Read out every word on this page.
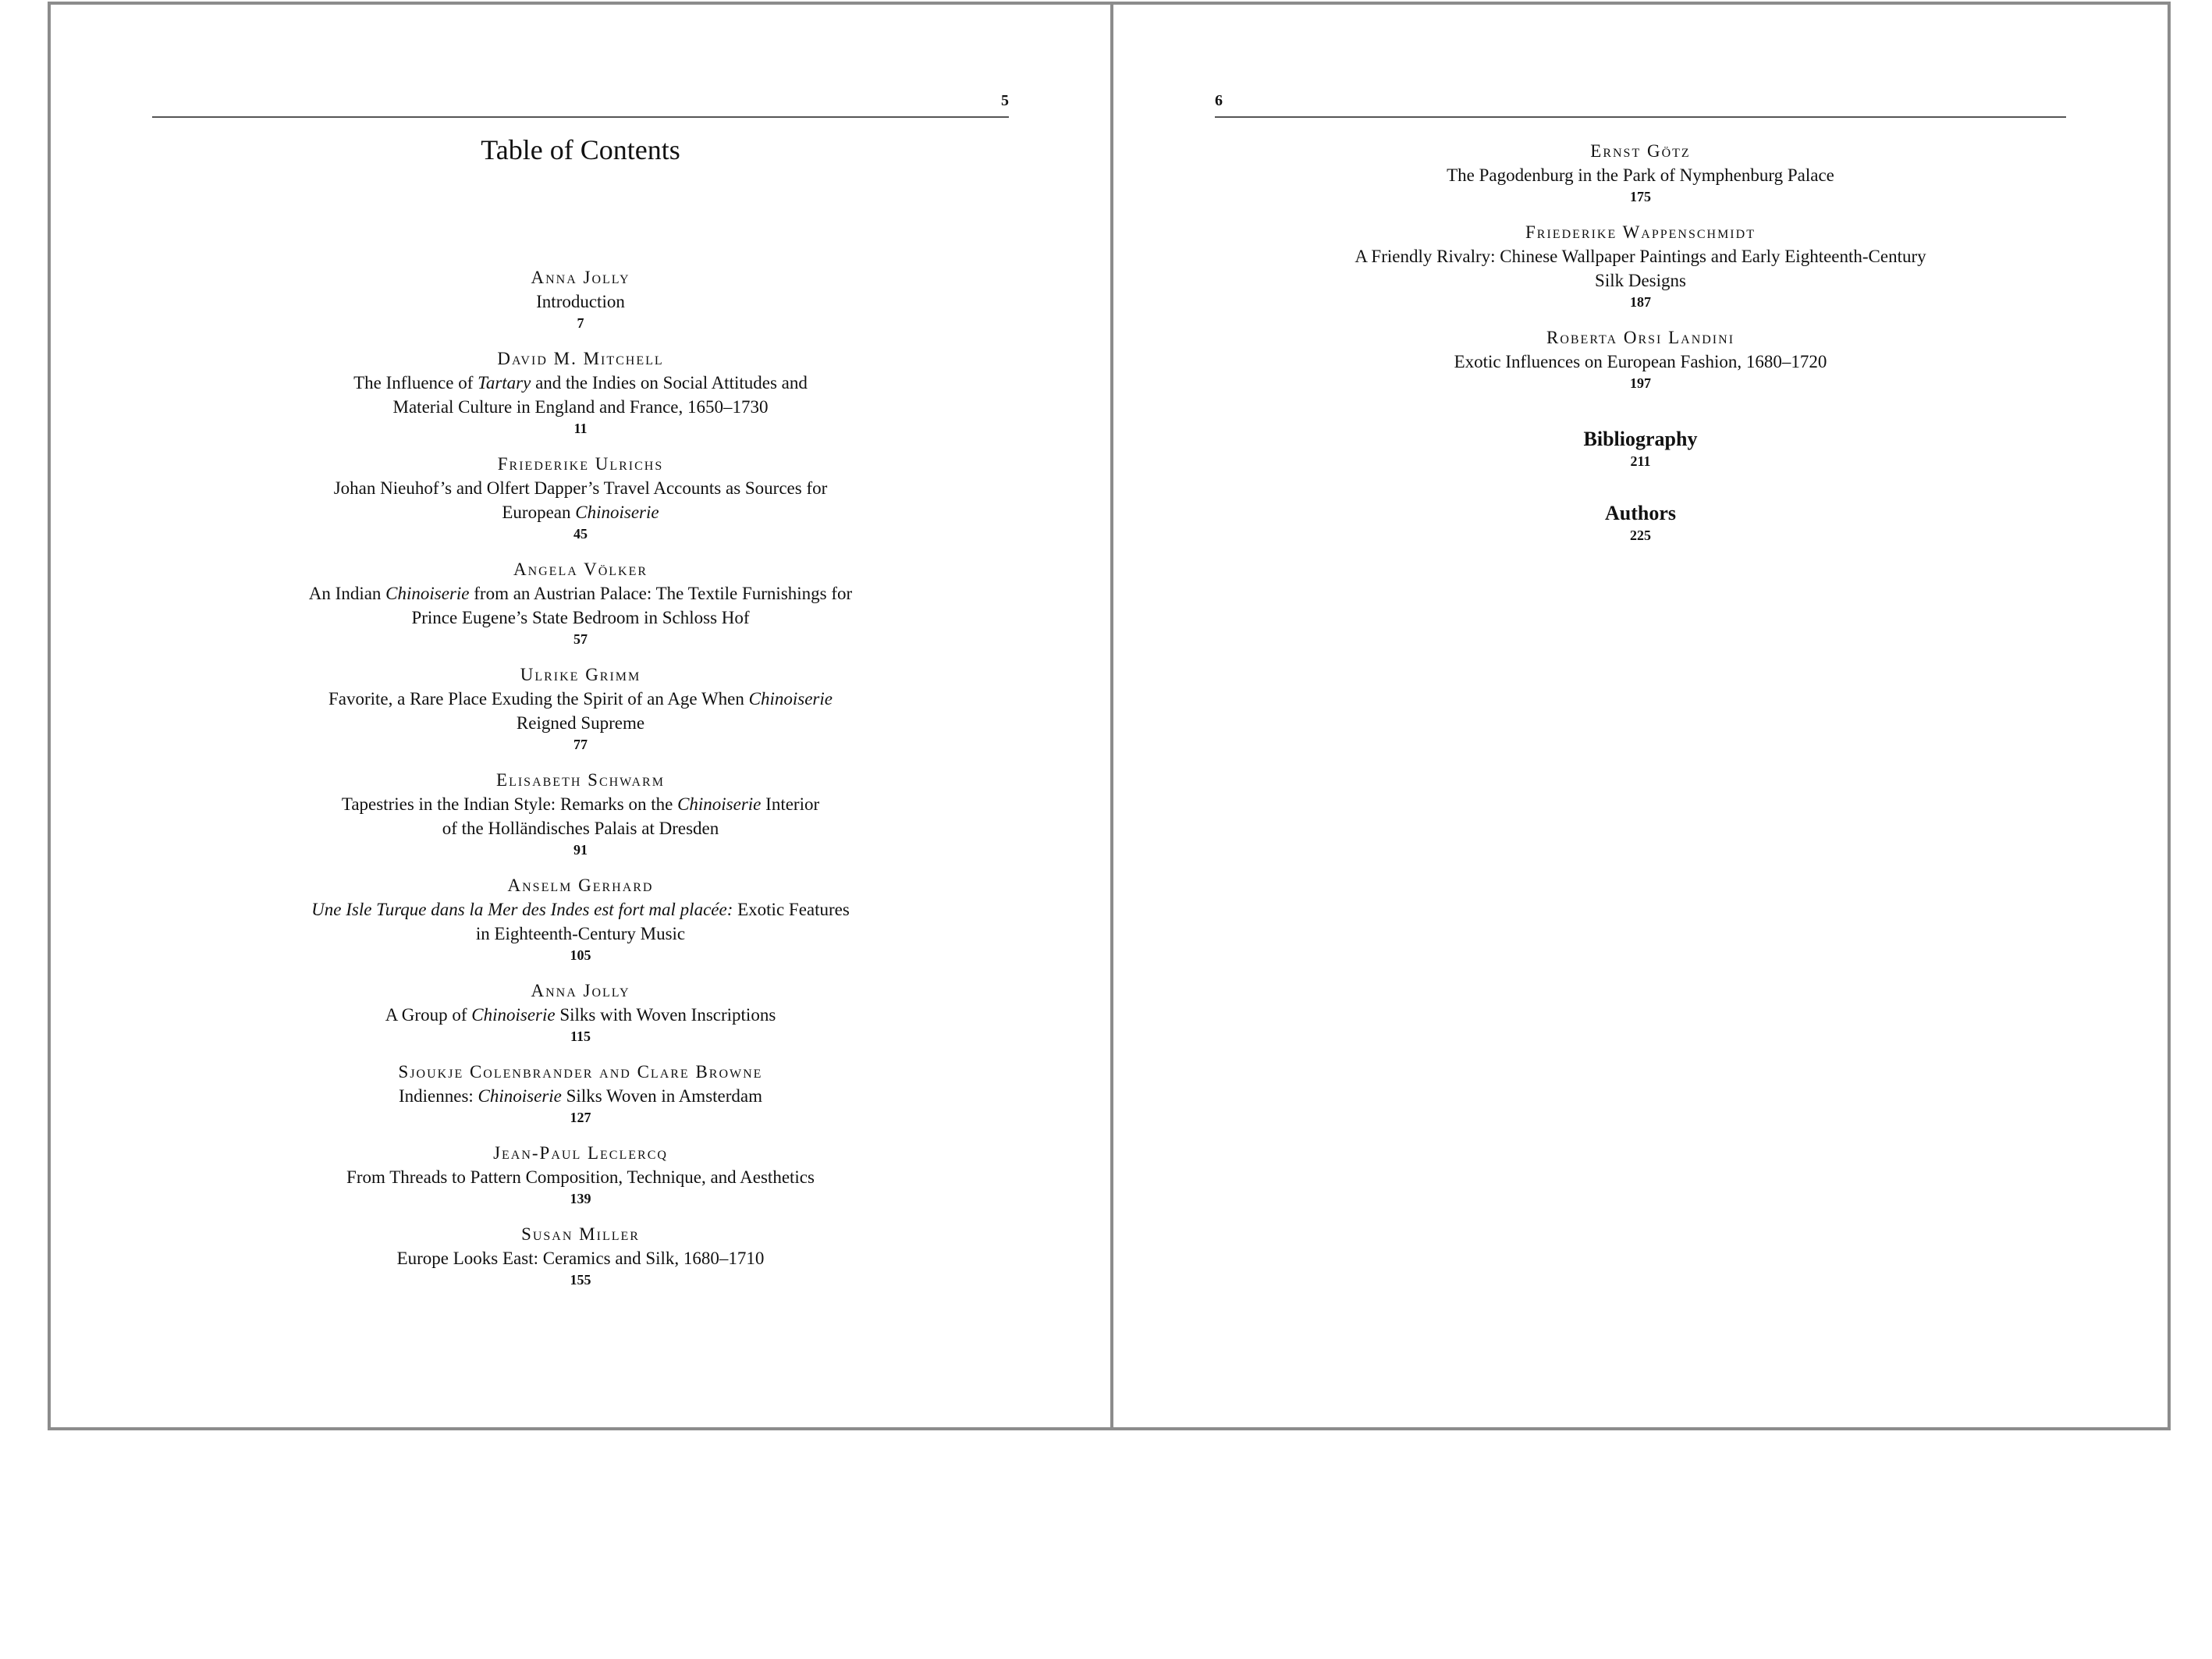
5
Table of Contents
Anna Jolly
Introduction
7
David M. Mitchell
The Influence of Tartary and the Indies on Social Attitudes and
Material Culture in England and France, 1650–1730
11
Friederike Ulrichs
Johan Nieuhof’s and Olfert Dapper’s Travel Accounts as Sources for
European Chinoiserie
45
Angela Völker
An Indian Chinoiserie from an Austrian Palace: The Textile Furnishings for
Prince Eugene’s State Bedroom in Schloss Hof
57
Ulrike Grimm
Favorite, a Rare Place Exuding the Spirit of an Age When Chinoiserie
Reigned Supreme
77
Elisabeth Schwarm
Tapestries in the Indian Style: Remarks on the Chinoiserie Interior
of the Holländisches Palais at Dresden
91
Anselm Gerhard
Une Isle Turque dans la Mer des Indes est fort mal placée: Exotic Features
in Eighteenth-Century Music
105
Anna Jolly
A Group of Chinoiserie Silks with Woven Inscriptions
115
Sjoukje Colenbrander and Clare Browne
Indiennes: Chinoiserie Silks Woven in Amsterdam
127
Jean-Paul Leclercq
From Threads to Pattern Composition, Technique, and Aesthetics
139
Susan Miller
Europe Looks East: Ceramics and Silk, 1680–1710
155
6
Ernst Götz
The Pagodenburg in the Park of Nymphenburg Palace
175
Friederike Wappenschmidt
A Friendly Rivalry: Chinese Wallpaper Paintings and Early Eighteenth-Century
Silk Designs
187
Roberta Orsi Landini
Exotic Influences on European Fashion, 1680–1720
197
Bibliography
211
Authors
225
